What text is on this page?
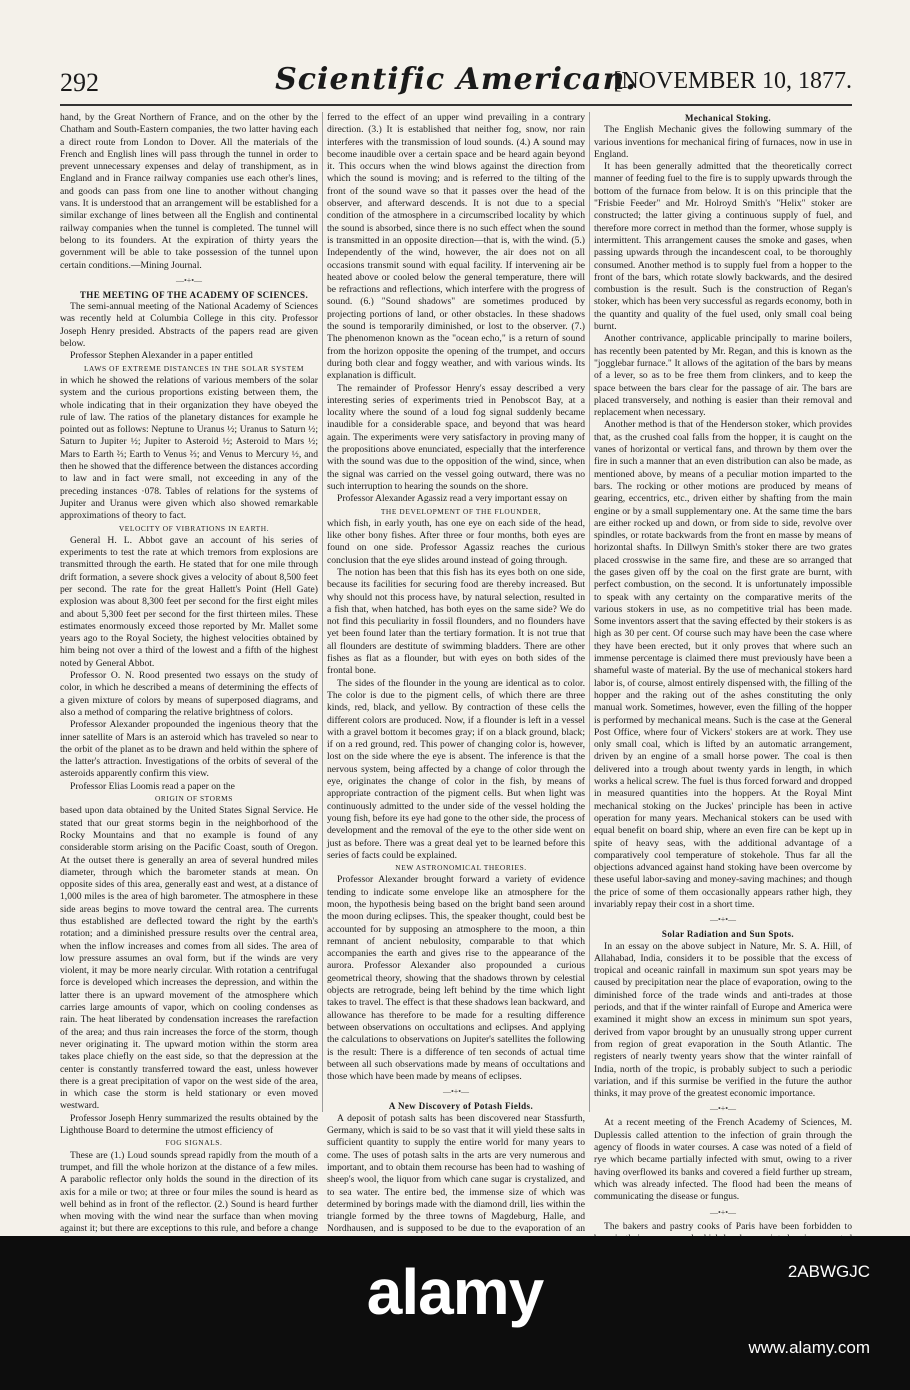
292	Scientific American.
[NOVEMBER 10, 1877.

hand, by the Great Northern of France, and on the other by the Chatham and South-Eastern companies, the two latter having each a direct route from London to Dover. All the materials of the French and English lines will pass through the tunnel in order to prevent unnecessary expenses and delay of transhipment, as in England and in France railway companies use each other's lines, and goods can pass from one line to another without changing vans. It is understood that an arrangement will be established for a similar exchange of lines between all the English and continental railway companies when the tunnel is completed. The tunnel will belong to its founders. At the expiration of thirty years the government will be able to take possession of the tunnel upon certain conditions.—Mining Journal.

—•+•—

THE MEETING OF THE ACADEMY OF SCIENCES.

The semi-annual meeting of the National Academy of Sciences was recently held at Columbia College in this city. Professor Joseph Henry presided. Abstracts of the papers read are given below.

Professor Stephen Alexander in a paper entitled

LAWS OF EXTREME DISTANCES IN THE SOLAR SYSTEM

in which he showed the relations of various members of the solar system and the curious proportions existing between them, the whole indicating that in their organization they have obeyed the rule of law. The ratios of the planetary distances for example he pointed out as follows: Neptune to Uranus ½; Uranus to Saturn ½; Saturn to Jupiter ½; Jupiter to Asteroid ½; Asteroid to Mars ½; Mars to Earth ⅔; Earth to Venus ⅔; and Venus to Mercury ½, and then he showed that the difference between the distances according to law and in fact were small, not exceeding in any of the preceding instances ·078. Tables of relations for the systems of Jupiter and Uranus were given which also showed remarkable approximations of theory to fact.

VELOCITY OF VIBRATIONS IN EARTH.

General H. L. Abbot gave an account of his series of experiments to test the rate at which tremors from explosions are transmitted through the earth. He stated that for one mile through drift formation, a severe shock gives a velocity of about 8,500 feet per second. The rate for the great Hallett's Point (Hell Gate) explosion was about 8,300 feet per second for the first eight miles and about 5,300 feet per second for the first thirteen miles. These estimates enormously exceed those reported by Mr. Mallet some years ago to the Royal Society, the highest velocities obtained by him being not over a third of the lowest and a fifth of the highest noted by General Abbot.

Professor O. N. Rood presented two essays on the study of color, in which he described a means of determining the effects of a given mixture of colors by means of superposed diagrams, and also a method of comparing the relative brightness of colors.

Professor Alexander propounded the ingenious theory that the inner satellite of Mars is an asteroid which has traveled so near to the orbit of the planet as to be drawn and held within the sphere of the latter's attraction. Investigations of the orbits of several of the asteroids apparently confirm this view.

Professor Elias Loomis read a paper on the

ORIGIN OF STORMS

based upon data obtained by the United States Signal Service. He stated that our great storms begin in the neighborhood of the Rocky Mountains and that no example is found of any considerable storm arising on the Pacific Coast, south of Oregon. At the outset there is generally an area of several hundred miles diameter, through which the barometer stands at mean. On opposite sides of this area, generally east and west, at a distance of 1,000 miles is the area of high barometer. The atmosphere in these side areas begins to move toward the central area. The currents thus established are deflected toward the right by the earth's rotation; and a diminished pressure results over the central area, when the inflow increases and comes from all sides. The area of low pressure assumes an oval form, but if the winds are very violent, it may be more nearly circular. With rotation a centrifugal force is developed which increases the depression, and within the latter there is an upward movement of the atmosphere which carries large amounts of vapor, which on cooling condenses as rain. The heat liberated by condensation increases the rarefaction of the area; and thus rain increases the force of the storm, though never originating it. The upward motion within the storm area takes place chiefly on the east side, so that the depression at the center is constantly transferred toward the east, unless however there is a great precipitation of vapor on the west side of the area, in which case the storm is held stationary or even moved westward.

Professor Joseph Henry summarized the results obtained by the Lighthouse Board to determine the utmost efficiency of

FOG SIGNALS.

These are (1.) Loud sounds spread rapidly from the mouth of a trumpet, and fill the whole horizon at the distance of a few miles. A parabolic reflector only holds the sound in the direction of its axis for a mile or two; at three or four miles the sound is heard as well behind as in front of the reflector. (2.) Sound is heard further when moving with the wind near the surface than when moving against it; but there are exceptions to this rule, and before a change

ferred to the effect of an upper wind prevailing in a contrary direction. (3.) It is established that neither fog, snow, nor rain interferes with the transmission of loud sounds. (4.) A sound may become inaudible over a certain space and be heard again beyond it. This occurs when the wind blows against the direction from which the sound is moving; and is referred to the tilting of the front of the sound wave so that it passes over the head of the observer, and afterward descends. It is not due to a special condition of the atmosphere in a circumscribed locality by which the sound is absorbed, since there is no such effect when the sound is transmitted in an opposite direction—that is, with the wind. (5.) Independently of the wind, however, the air does not on all occasions transmit sound with equal facility. If intervening air be heated above or cooled below the general temperature, there will be refractions and reflections, which interfere with the progress of sound. (6.) "Sound shadows" are sometimes produced by projecting portions of land, or other obstacles. In these shadows the sound is temporarily diminished, or lost to the observer. (7.) The phenomenon known as the "ocean echo," is a return of sound from the horizon opposite the opening of the trumpet, and occurs during both clear and foggy weather, and with various winds. Its explanation is difficult.

The remainder of Professor Henry's essay described a very interesting series of experiments tried in Penobscot Bay, at a locality where the sound of a loud fog signal suddenly became inaudible for a considerable space, and beyond that was heard again. The experiments were very satisfactory in proving many of the propositions above enunciated, especially that the interference with the sound was due to the opposition of the wind, since, when the signal was carried on the vessel going outward, there was no such interruption to hearing the sounds on the shore.

Professor Alexander Agassiz read a very important essay on

THE DEVELOPMENT OF THE FLOUNDER,

which fish, in early youth, has one eye on each side of the head, like other bony fishes. After three or four months, both eyes are found on one side. Professor Agassiz reaches the curious conclusion that the eye slides around instead of going through.

The notion has been that this fish has its eyes both on one side, because its facilities for securing food are thereby increased. But why should not this process have, by natural selection, resulted in a fish that, when hatched, has both eyes on the same side? We do not find this peculiarity in fossil flounders, and no flounders have yet been found later than the tertiary formation. It is not true that all flounders are destitute of swimming bladders. There are other fishes as flat as a flounder, but with eyes on both sides of the frontal bone.

The sides of the flounder in the young are identical as to color. The color is due to the pigment cells, of which there are three kinds, red, black, and yellow. By contraction of these cells the different colors are produced. Now, if a flounder is left in a vessel with a gravel bottom it becomes gray; if on a black ground, black; if on a red ground, red. This power of changing color is, however, lost on the side where the eye is absent. The inference is that the nervous system, being affected by a change of color through the eye, originates the change of color in the fish, by means of appropriate contraction of the pigment cells. But when light was continuously admitted to the under side of the vessel holding the young fish, before its eye had gone to the other side, the process of development and the removal of the eye to the other side went on just as before. There was a great deal yet to be learned before this series of facts could be explained.

NEW ASTRONOMICAL THEORIES.

Professor Alexander brought forward a variety of evidence tending to indicate some envelope like an atmosphere for the moon, the hypothesis being based on the bright band seen around the moon during eclipses. This, the speaker thought, could best be accounted for by supposing an atmosphere to the moon, a thin remnant of ancient nebulosity, comparable to that which accompanies the earth and gives rise to the appearance of the aurora. Professor Alexander also propounded a curious geometrical theory, showing that the shadows thrown by celestial objects are retrograde, being left behind by the time which light takes to travel. The effect is that these shadows lean backward, and allowance has therefore to be made for a resulting difference between observations on occultations and eclipses. And applying the calculations to observations on Jupiter's satellites the following is the result: There is a difference of ten seconds of actual time between all such observations made by means of occultations and those which have been made by means of eclipses.

—•+•—

A New Discovery of Potash Fields.

A deposit of potash salts has been discovered near Stassfurth, Germany, which is said to be so vast that it will yield these salts in sufficient quantity to supply the entire world for many years to come. The uses of potash salts in the arts are very numerous and important, and to obtain them recourse has been had to washing of sheep's wool, the liquor from which cane sugar is crystalized, and to sea water. The entire bed, the immense size of which was determined by borings made with the diamond drill, lies within the triangle formed by the three towns of Magdeburg, Halle, and Nordhausen, and is supposed to be due to the evaporation of an

Mechanical Stoking.

The English Mechanic gives the following summary of the various inventions for mechanical firing of furnaces, now in use in England.

It has been generally admitted that the theoretically correct manner of feeding fuel to the fire is to supply upwards through the bottom of the furnace from below. It is on this principle that the "Frisbie Feeder" and Mr. Holroyd Smith's "Helix" stoker are constructed; the latter giving a continuous supply of fuel, and therefore more correct in method than the former, whose supply is intermittent. This arrangement causes the smoke and gases, when passing upwards through the incandescent coal, to be thoroughly consumed. Another method is to supply fuel from a hopper to the front of the bars, which rotate slowly backwards, and the desired combustion is the result. Such is the construction of Regan's stoker, which has been very successful as regards economy, both in the quantity and quality of the fuel used, only small coal being burnt.

Another contrivance, applicable principally to marine boilers, has recently been patented by Mr. Regan, and this is known as the "jogglebar furnace." It allows of the agitation of the bars by means of a lever, so as to be free them from clinkers, and to keep the space between the bars clear for the passage of air. The bars are placed transversely, and nothing is easier than their removal and replacement when necessary.

Another method is that of the Henderson stoker, which provides that, as the crushed coal falls from the hopper, it is caught on the vanes of horizontal or vertical fans, and thrown by them over the fire in such a manner that an even distribution can also be made, as mentioned above, by means of a peculiar motion imparted to the bars. The rocking or other motions are produced by means of gearing, eccentrics, etc., driven either by shafting from the main engine or by a small supplementary one. At the same time the bars are either rocked up and down, or from side to side, revolve over spindles, or rotate backwards from the front en masse by means of horizontal shafts. In Dillwyn Smith's stoker there are two grates placed crosswise in the same fire, and these are so arranged that the gases given off by the coal on the first grate are burnt, with perfect combustion, on the second. It is unfortunately impossible to speak with any certainty on the comparative merits of the various stokers in use, as no competitive trial has been made. Some inventors assert that the saving effected by their stokers is as high as 30 per cent. Of course such may have been the case where they have been erected, but it only proves that where such an immense percentage is claimed there must previously have been a shameful waste of material. By the use of mechanical stokers hard labor is, of course, almost entirely dispensed with, the filling of the hopper and the raking out of the ashes constituting the only manual work. Sometimes, however, even the filling of the hopper is performed by mechanical means. Such is the case at the General Post Office, where four of Vickers' stokers are at work. They use only small coal, which is lifted by an automatic arrangement, driven by an engine of a small horse power. The coal is then delivered into a trough about twenty yards in length, in which works a helical screw. The fuel is thus forced forward and dropped in measured quantities into the hoppers. At the Royal Mint mechanical stoking on the Juckes' principle has been in active operation for many years. Mechanical stokers can be used with equal benefit on board ship, where an even fire can be kept up in spite of heavy seas, with the additional advantage of a comparatively cool temperature of stokehole. Thus far all the objections advanced against hand stoking have been overcome by these useful labor-saving and money-saving machines; and though the price of some of them occasionally appears rather high, they invariably repay their cost in a short time.

—•+•—

Solar Radiation and Sun Spots.

In an essay on the above subject in Nature, Mr. S. A. Hill, of Allahabad, India, considers it to be possible that the excess of tropical and oceanic rainfall in maximum sun spot years may be caused by precipitation near the place of evaporation, owing to the diminished force of the trade winds and anti-trades at those periods, and that if the winter rainfall of Europe and America were examined it might show an excess in minimum sun spot years, derived from vapor brought by an unusually strong upper current from region of great evaporation in the South Atlantic. The registers of nearly twenty years show that the winter rainfall of India, north of the tropic, is probably subject to such a periodic variation, and if this surmise be verified in the future the author thinks, it may prove of the greatest economic importance.

—•+•—

At a recent meeting of the French Academy of Sciences, M. Duplessis called attention to the infection of grain through the agency of floods in water courses. A case was noted of a field of rye which became partially infected with smut, owing to a river having overflowed its banks and covered a field further up stream, which was already infected. The flood had been the means of communicating the disease or fungus.

—•+•—

The bakers and pastry cooks of Paris have been forbidden to

alamy	2ABWGJC
www.alamy.com
